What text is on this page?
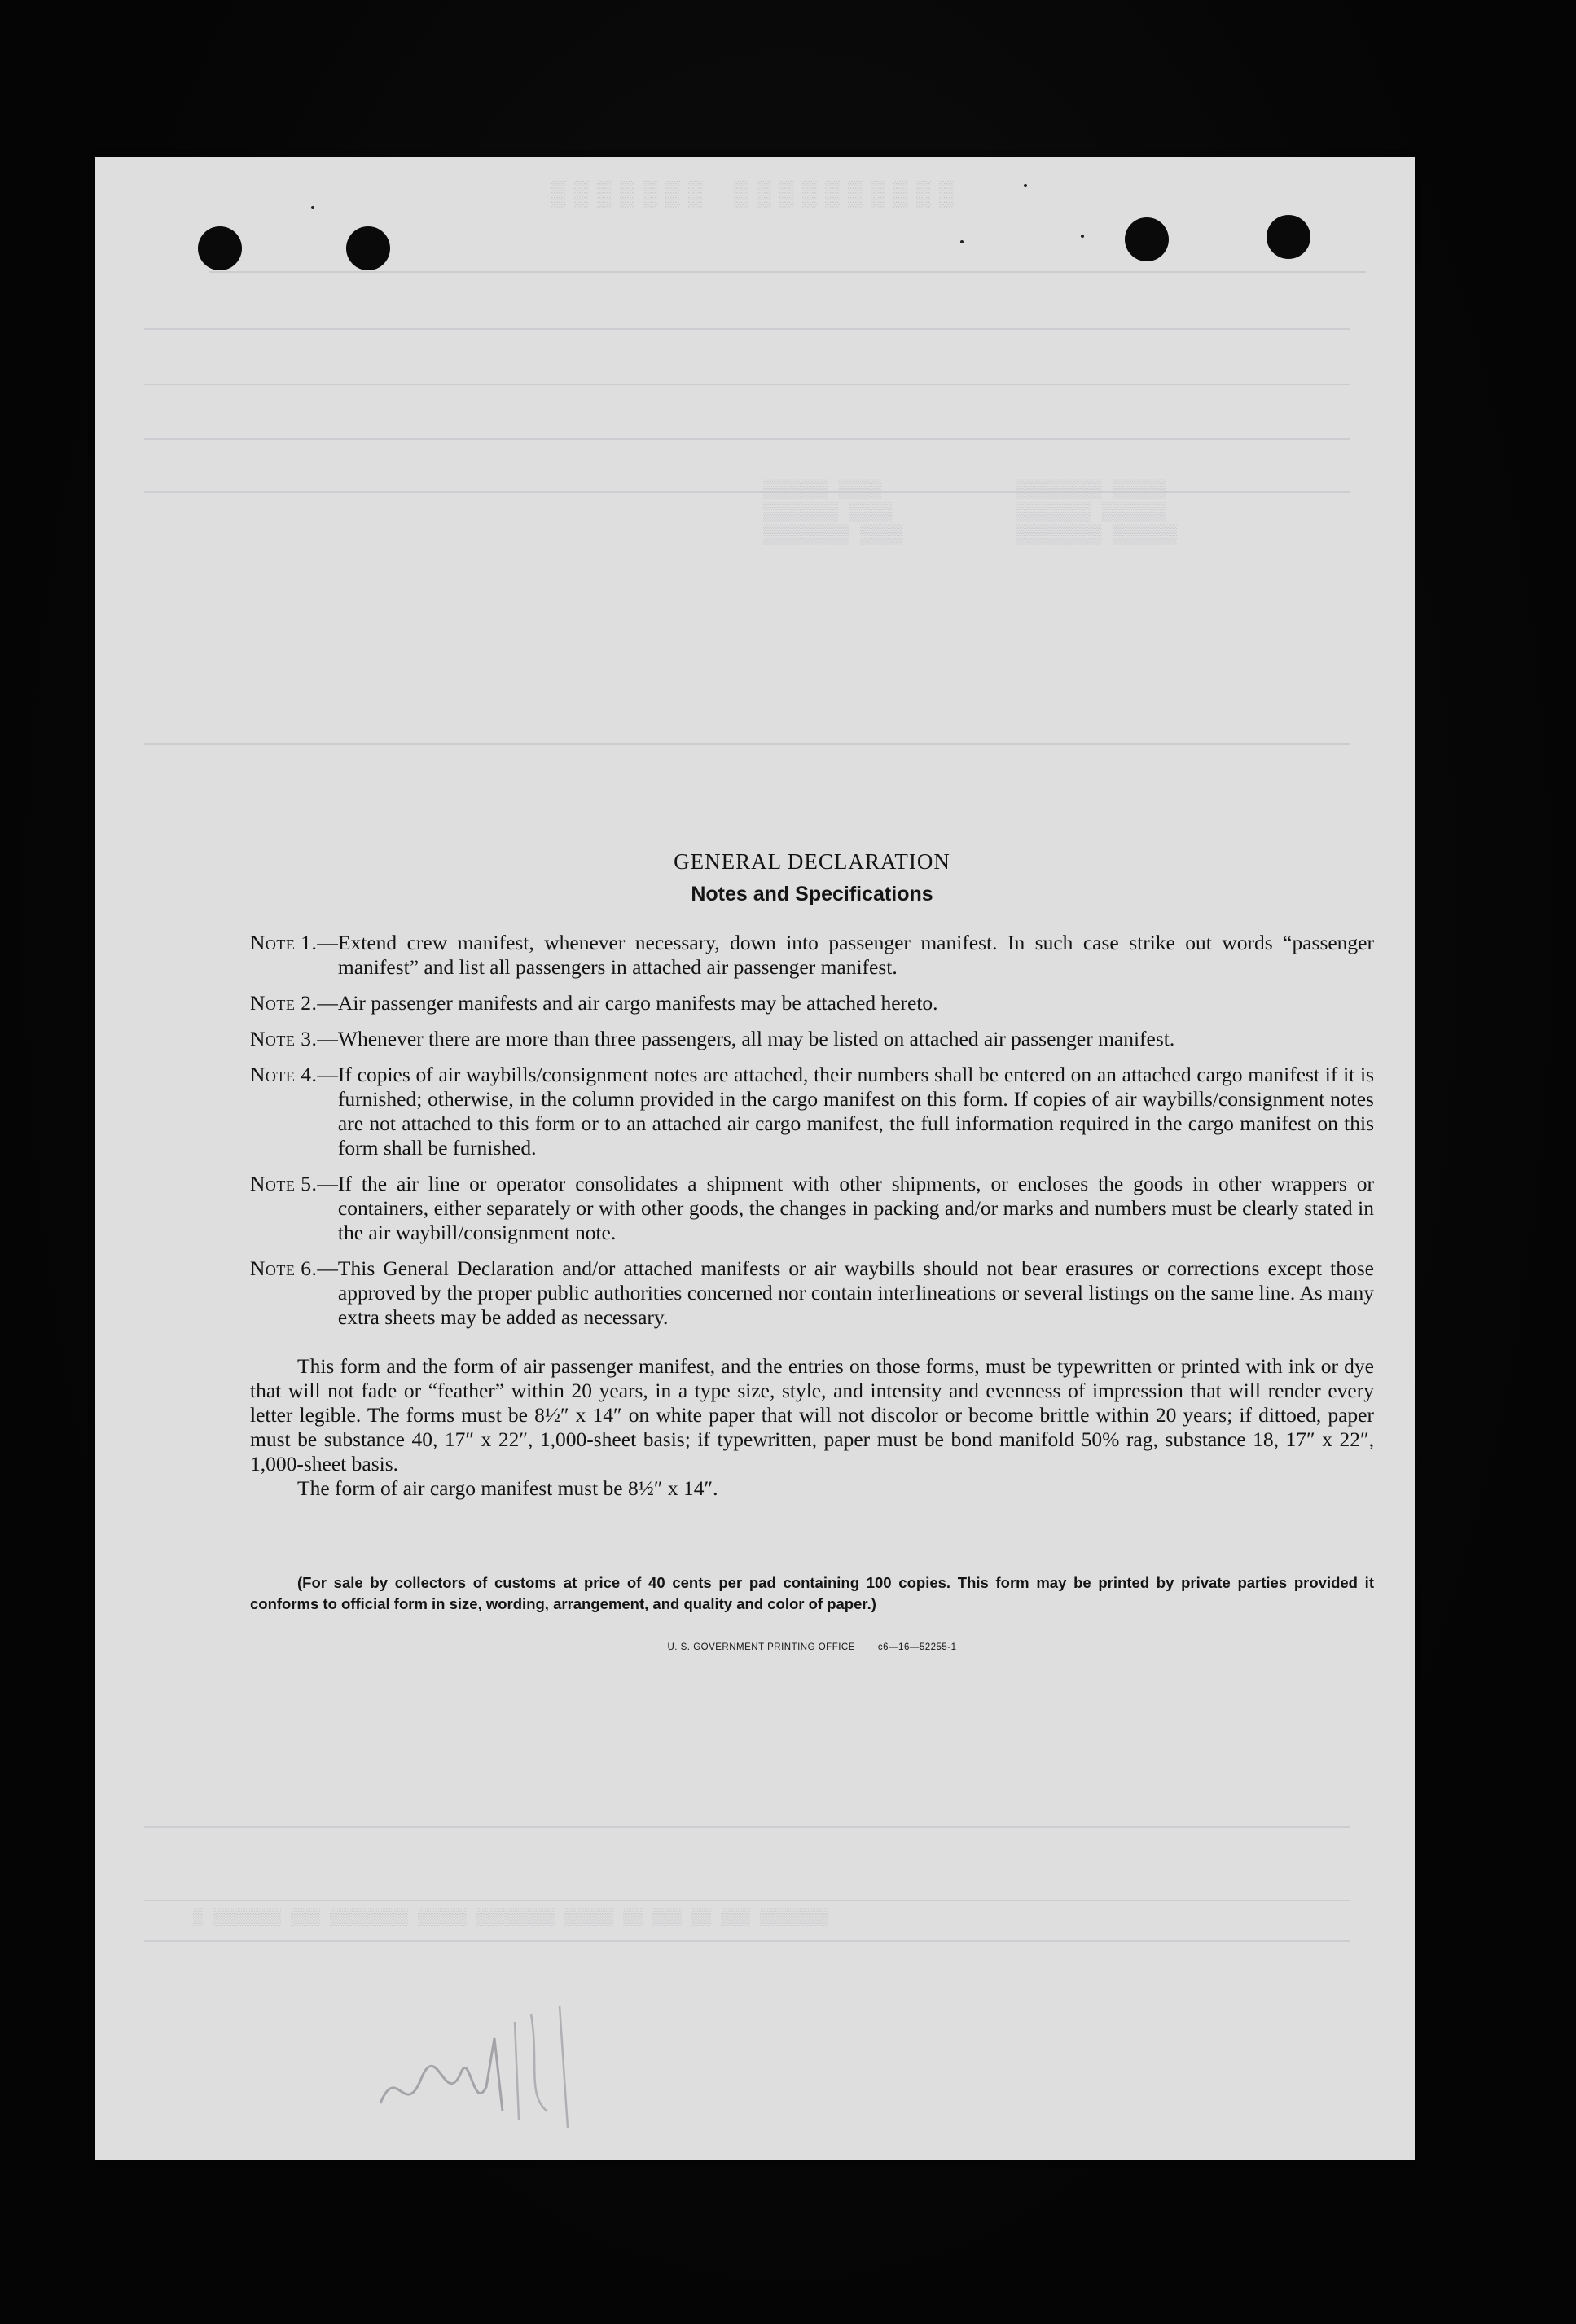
▒▒▒▒▒▒▒ ▒▒▒▒▒▒▒▒▒▒
▒▒▒▒▒▒▒▒ ▒▒▒▒▒
▒▒▒▒▒▒▒ ▒▒▒▒▒▒
▒▒▒▒▒▒▒▒ ▒▒▒▒▒▒
▒▒▒▒▒▒ ▒▒▒▒
▒▒▒▒▒▒▒ ▒▒▒▒
▒▒▒▒▒▒▒▒ ▒▒▒▒
▒ ▒▒▒▒▒▒▒ ▒▒▒ ▒▒▒▒▒▒▒▒ ▒▒▒▒▒ ▒▒▒▒▒▒▒▒ ▒▒▒▒▒ ▒▒ ▒▒▒ ▒▒ ▒▒▒ ▒▒▒▒▒▒▒
GENERAL DECLARATION
Notes and Specifications
Note 1. — Extend crew manifest, whenever necessary, down into passenger manifest. In such case strike out words “passenger manifest” and list all passengers in attached air passenger manifest.
Note 2. — Air passenger manifests and air cargo manifests may be attached hereto.
Note 3. — Whenever there are more than three passengers, all may be listed on attached air passenger manifest.
Note 4. — If copies of air waybills/consignment notes are attached, their numbers shall be entered on an attached cargo manifest if it is furnished; otherwise, in the column provided in the cargo manifest on this form. If copies of air waybills/consignment notes are not attached to this form or to an attached air cargo manifest, the full information required in the cargo manifest on this form shall be furnished.
Note 5. — If the air line or operator consolidates a shipment with other shipments, or encloses the goods in other wrappers or containers, either separately or with other goods, the changes in packing and/or marks and numbers must be clearly stated in the air waybill/consignment note.
Note 6. — This General Declaration and/or attached manifests or air waybills should not bear erasures or corrections except those approved by the proper public authorities concerned nor contain interlineations or several listings on the same line. As many extra sheets may be added as necessary.
This form and the form of air passenger manifest, and the entries on those forms, must be typewritten or printed with ink or dye that will not fade or “feather” within 20 years, in a type size, style, and intensity and evenness of impression that will render every letter legible. The forms must be 8½″ x 14″ on white paper that will not discolor or become brittle within 20 years; if dittoed, paper must be substance 40, 17″ x 22″, 1,000-sheet basis; if typewritten, paper must be bond manifold 50% rag, substance 18, 17″ x 22″, 1,000-sheet basis.
The form of air cargo manifest must be 8½″ x 14″.
(For sale by collectors of customs at price of 40 cents per pad containing 100 copies. This form may be printed by private parties provided it conforms to official form in size, wording, arrangement, and quality and color of paper.)
U. S. GOVERNMENT PRINTING OFFICE c6—16—52255-1
